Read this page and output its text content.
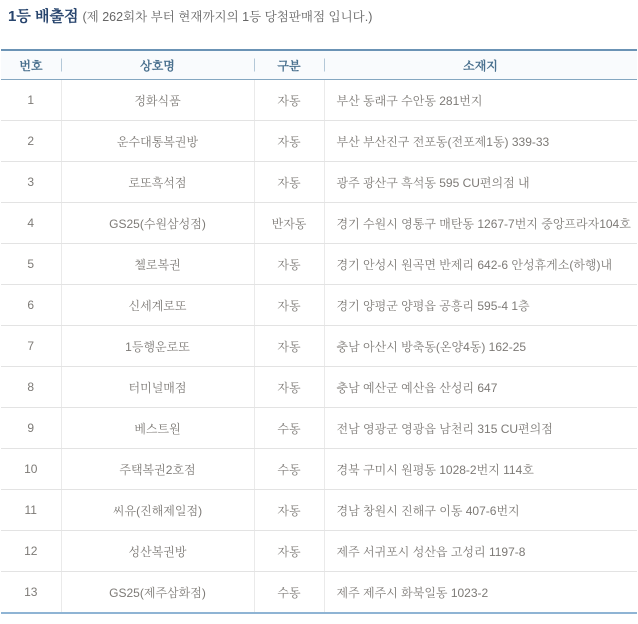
1등 배출점 (제 262회차 부터 현재까지의 1등 당첨판매점 입니다.)
번호	상호명	구분	소재지
1	정화식품	자동	부산 동래구 수안동 281번지
2	운수대통복권방	자동	부산 부산진구 전포동(전포제1동) 339-33
3	로또흑석점	자동	광주 광산구 흑석동 595 CU편의점 내
4	GS25(수원삼성점)	반자동	경기 수원시 영통구 매탄동 1267-7번지 중앙프라자104호
5	첼로복권	자동	경기 안성시 원곡면 반제리 642-6 안성휴게소(하행)내
6	신세계로또	자동	경기 양평군 양평읍 공흥리 595-4 1층
7	1등행운로또	자동	충남 아산시 방축동(온양4동) 162-25
8	터미널매점	자동	충남 예산군 예산읍 산성리 647
9	베스트원	수동	전남 영광군 영광읍 남천리 315 CU편의점
10	주택복권2호점	수동	경북 구미시 원평동 1028-2번지 114호
11	씨유(진해제일점)	자동	경남 창원시 진해구 이동 407-6번지
12	성산복권방	자동	제주 서귀포시 성산읍 고성리 1197-8
13	GS25(제주삼화점)	수동	제주 제주시 화북일동 1023-2
